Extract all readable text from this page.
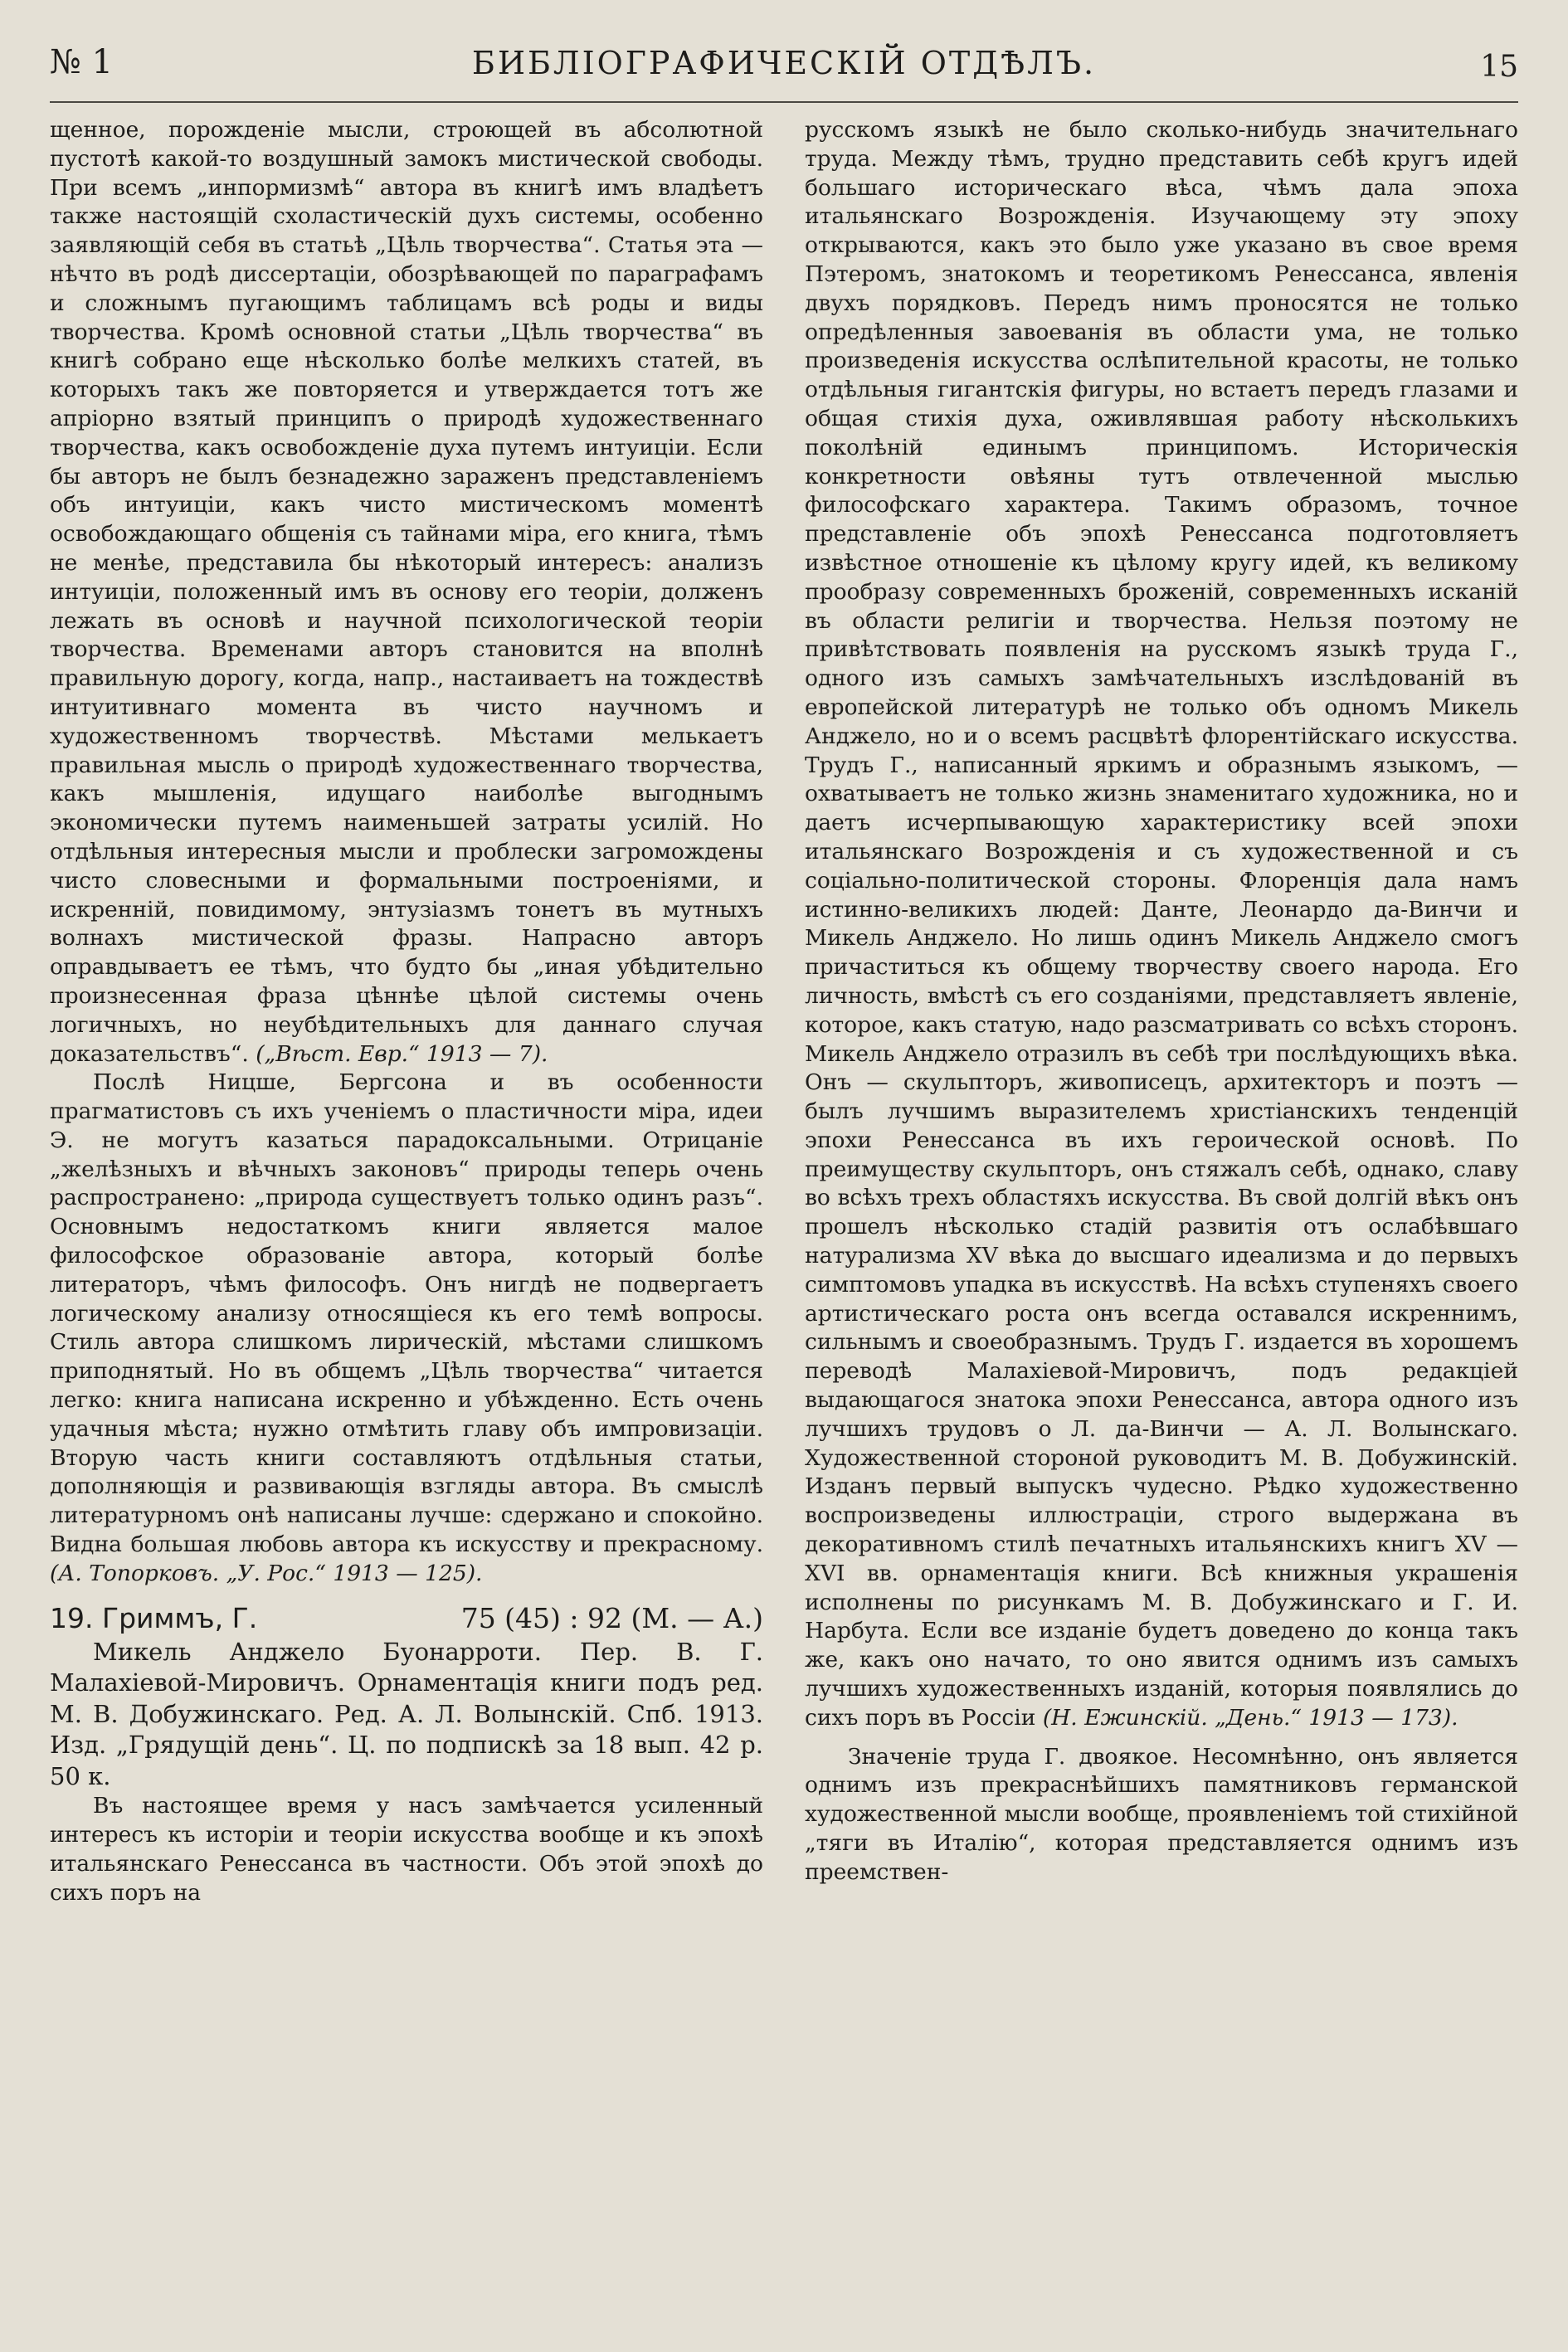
№ 1	БИБЛІОГРАФИЧЕСКІЙ ОТДѢЛЪ.	15

щенное, порожденіе мысли, строющей въ абсолютной пустотѣ какой-то воздушный замокъ мистической свободы. При всемъ „инпормизмѣ“ автора въ книгѣ имъ владѣетъ также настоящій схоластическій духъ системы, особенно заявляющій себя въ статьѣ „Цѣль творчества“. Статья эта — нѣчто въ родѣ диссертаціи, обозрѣвающей по параграфамъ и сложнымъ пугающимъ таблицамъ всѣ роды и виды творчества. Кромѣ основной статьи „Цѣль творчества“ въ книгѣ собрано еще нѣсколько болѣе мелкихъ статей, въ которыхъ такъ же повторяется и утверждается тотъ же апріорно взятый принципъ о природѣ художественнаго творчества, какъ освобожденіе духа путемъ интуиціи. Если бы авторъ не былъ безнадежно зараженъ представленіемъ объ интуиціи, какъ чисто мистическомъ моментѣ освобождающаго общенія съ тайнами міра, его книга, тѣмъ не менѣе, представила бы нѣкоторый интересъ: анализъ интуиціи, положенный имъ въ основу его теоріи, долженъ лежать въ основѣ и научной психологической теоріи творчества. Временами авторъ становится на вполнѣ правильную дорогу, когда, напр., настаиваетъ на тождествѣ интуитивнаго момента въ чисто научномъ и художественномъ творчествѣ. Мѣстами мелькаетъ правильная мысль о природѣ художественнаго творчества, какъ мышленія, идущаго наиболѣе выгоднымъ экономически путемъ наименьшей затраты усилій. Но отдѣльныя интересныя мысли и проблески загромождены чисто словесными и формальными построеніями, и искренній, повидимому, энтузіазмъ тонетъ въ мутныхъ волнахъ мистической фразы. Напрасно авторъ оправдываетъ ее тѣмъ, что будто бы „иная убѣдительно произнесенная фраза цѣннѣе цѣлой системы очень логичныхъ, но неубѣдительныхъ для даннаго случая доказательствъ“. („Вѣст. Евр.“ 1913 — 7).

Послѣ Ницше, Бергсона и въ особенности прагматистовъ съ ихъ ученіемъ о пластичности міра, идеи Э. не могутъ казаться парадоксальными. Отрицаніе „желѣзныхъ и вѣчныхъ законовъ“ природы теперь очень распространено: „природа существуетъ только одинъ разъ“. Основнымъ недостаткомъ книги является малое философское образованіе автора, который болѣе литераторъ, чѣмъ философъ. Онъ нигдѣ не подвергаетъ логическому анализу относящіеся къ его темѣ вопросы. Стиль автора слишкомъ лирическій, мѣстами слишкомъ приподнятый. Но въ общемъ „Цѣль творчества“ читается легко: книга написана искренно и убѣжденно. Есть очень удачныя мѣста; нужно отмѣтить главу объ импровизаціи. Вторую часть книги составляютъ отдѣльныя статьи, дополняющія и развивающія взгляды автора. Въ смыслѣ литературномъ онѣ написаны лучше: сдержано и спокойно. Видна большая любовь автора къ искусству и прекрасному. (А. Топорковъ. „У. Рос.“ 1913 — 125).

19. Гриммъ, Г.	75 (45) : 92 (М. — А.)

Микель Анджело Буонарроти. Пер. В. Г. Малахіевой-Мировичъ. Орнаментація книги подъ ред. М. В. Добужинскаго. Ред. А. Л. Волынскій. Спб. 1913. Изд. „Грядущій день“. Ц. по подпискѣ за 18 вып. 42 р. 50 к.

Въ настоящее время у насъ замѣчается усиленный интересъ къ исторіи и теоріи искусства вообще и къ эпохѣ итальянскаго Ренессанса въ частности. Объ этой эпохѣ до сихъ поръ на

русскомъ языкѣ не было сколько-нибудь значительнаго труда. Между тѣмъ, трудно представить себѣ кругъ идей большаго историческаго вѣса, чѣмъ дала эпоха итальянскаго Возрожденія. Изучающему эту эпоху открываются, какъ это было уже указано въ свое время Пэтеромъ, знатокомъ и теоретикомъ Ренессанса, явленія двухъ порядковъ. Передъ нимъ проносятся не только опредѣленныя завоеванія въ области ума, не только произведенія искусства ослѣпительной красоты, не только отдѣльныя гигантскія фигуры, но встаетъ передъ глазами и общая стихія духа, оживлявшая работу нѣсколькихъ поколѣній единымъ принципомъ. Историческія конкретности овѣяны тутъ отвлеченной мыслью философскаго характера. Такимъ образомъ, точное представленіе объ эпохѣ Ренессанса подготовляетъ извѣстное отношеніе къ цѣлому кругу идей, къ великому прообразу современныхъ броженій, современныхъ исканій въ области религіи и творчества. Нельзя поэтому не привѣтствовать появленія на русскомъ языкѣ труда Г., одного изъ самыхъ замѣчательныхъ изслѣдованій въ европейской литературѣ не только объ одномъ Микель Анджело, но и о всемъ расцвѣтѣ флорентійскаго искусства. Трудъ Г., написанный яркимъ и образнымъ языкомъ, — охватываетъ не только жизнь знаменитаго художника, но и даетъ исчерпывающую характеристику всей эпохи итальянскаго Возрожденія и съ художественной и съ соціально-политической стороны. Флоренція дала намъ истинно-великихъ людей: Данте, Леонардо да-Винчи и Микель Анджело. Но лишь одинъ Микель Анджело смогъ причаститься къ общему творчеству своего народа. Его личность, вмѣстѣ съ его созданіями, представляетъ явленіе, которое, какъ статую, надо разсматривать со всѣхъ сторонъ. Микель Анджело отразилъ въ себѣ три послѣдующихъ вѣка. Онъ — скульпторъ, живописецъ, архитекторъ и поэтъ — былъ лучшимъ выразителемъ христіанскихъ тенденцій эпохи Ренессанса въ ихъ героической основѣ. По преимуществу скульпторъ, онъ стяжалъ себѣ, однако, славу во всѣхъ трехъ областяхъ искусства. Въ свой долгій вѣкъ онъ прошелъ нѣсколько стадій развитія отъ ослабѣвшаго натурализма XV вѣка до высшаго идеализма и до первыхъ симптомовъ упадка въ искусствѣ. На всѣхъ ступеняхъ своего артистическаго роста онъ всегда оставался искреннимъ, сильнымъ и своеобразнымъ. Трудъ Г. издается въ хорошемъ переводѣ Малахіевой-Мировичъ, подъ редакціей выдающагося знатока эпохи Ренессанса, автора одного изъ лучшихъ трудовъ о Л. да-Винчи — А. Л. Волынскаго. Художественной стороной руководитъ М. В. Добужинскій. Изданъ первый выпускъ чудесно. Рѣдко художественно воспроизведены иллюстраціи, строго выдержана въ декоративномъ стилѣ печатныхъ итальянскихъ книгъ XV — XVI вв. орнаментація книги. Всѣ книжныя украшенія исполнены по рисункамъ М. В. Добужинскаго и Г. И. Нарбута. Если все изданіе будетъ доведено до конца такъ же, какъ оно начато, то оно явится однимъ изъ самыхъ лучшихъ художественныхъ изданій, которыя появлялись до сихъ поръ въ Россіи (Н. Ежинскій. „День.“ 1913 — 173).

Значеніе труда Г. двоякое. Несомнѣнно, онъ является однимъ изъ прекраснѣйшихъ памятниковъ германской художественной мысли вообще, проявленіемъ той стихійной „тяги въ Италію“, которая представляется однимъ изъ преемствен-
